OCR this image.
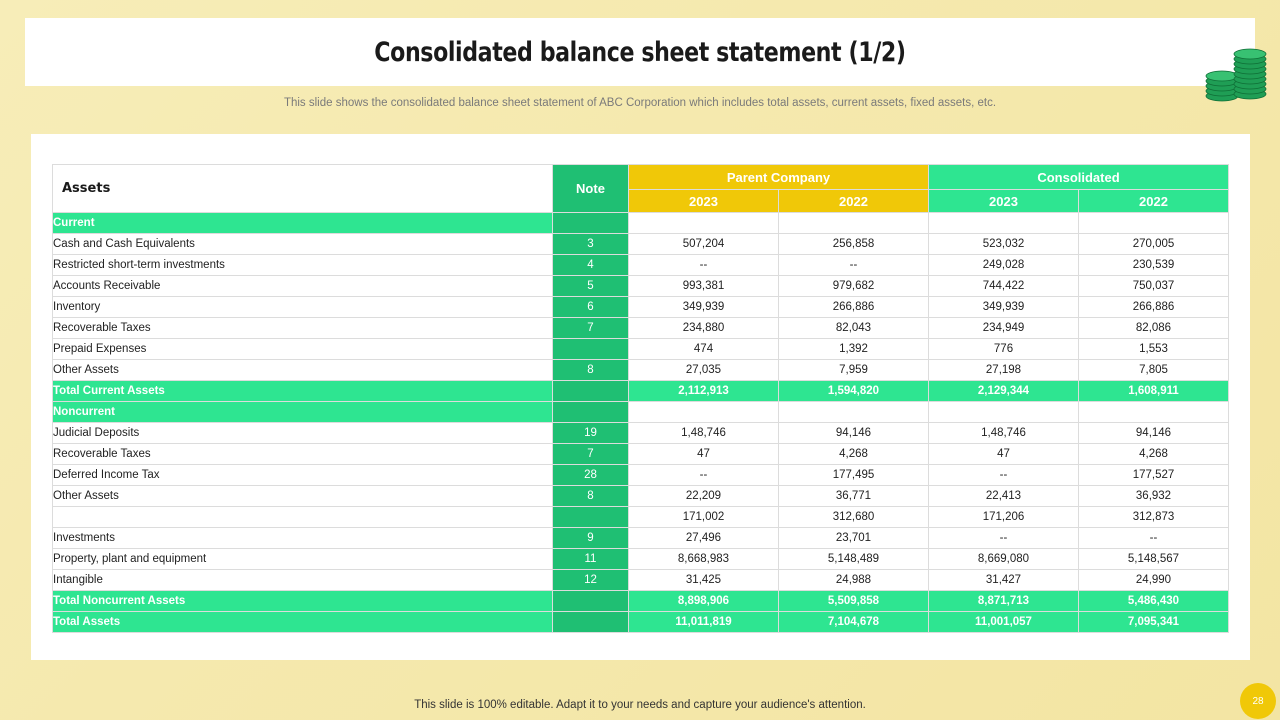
Consolidated balance sheet statement (1/2)
This slide shows the consolidated balance sheet statement of ABC Corporation which includes total assets, current assets, fixed assets, etc.
Assets	Note	Parent Company		Consolidated	
		2023	2022	2023	2022
Current					
Cash and Cash Equivalents	3	507,204	256,858	523,032	270,005
Restricted short-term investments	4	--	--	249,028	230,539
Accounts Receivable	5	993,381	979,682	744,422	750,037
Inventory	6	349,939	266,886	349,939	266,886
Recoverable Taxes	7	234,880	82,043	234,949	82,086
Prepaid Expenses		474	1,392	776	1,553
Other Assets	8	27,035	7,959	27,198	7,805
Total Current Assets		2,112,913	1,594,820	2,129,344	1,608,911
Noncurrent					
Judicial Deposits	19	1,48,746	94,146	1,48,746	94,146
Recoverable Taxes	7	47	4,268	47	4,268
Deferred Income Tax	28	--	177,495	--	177,527
Other Assets	8	22,209	36,771	22,413	36,932
		171,002	312,680	171,206	312,873
Investments	9	27,496	23,701	--	--
Property, plant and equipment	11	8,668,983	5,148,489	8,669,080	5,148,567
Intangible	12	31,425	24,988	31,427	24,990
Total Noncurrent Assets		8,898,906	5,509,858	8,871,713	5,486,430
Total Assets		11,011,819	7,104,678	11,001,057	7,095,341
This slide is 100% editable. Adapt it to your needs and capture your audience's attention.	28
